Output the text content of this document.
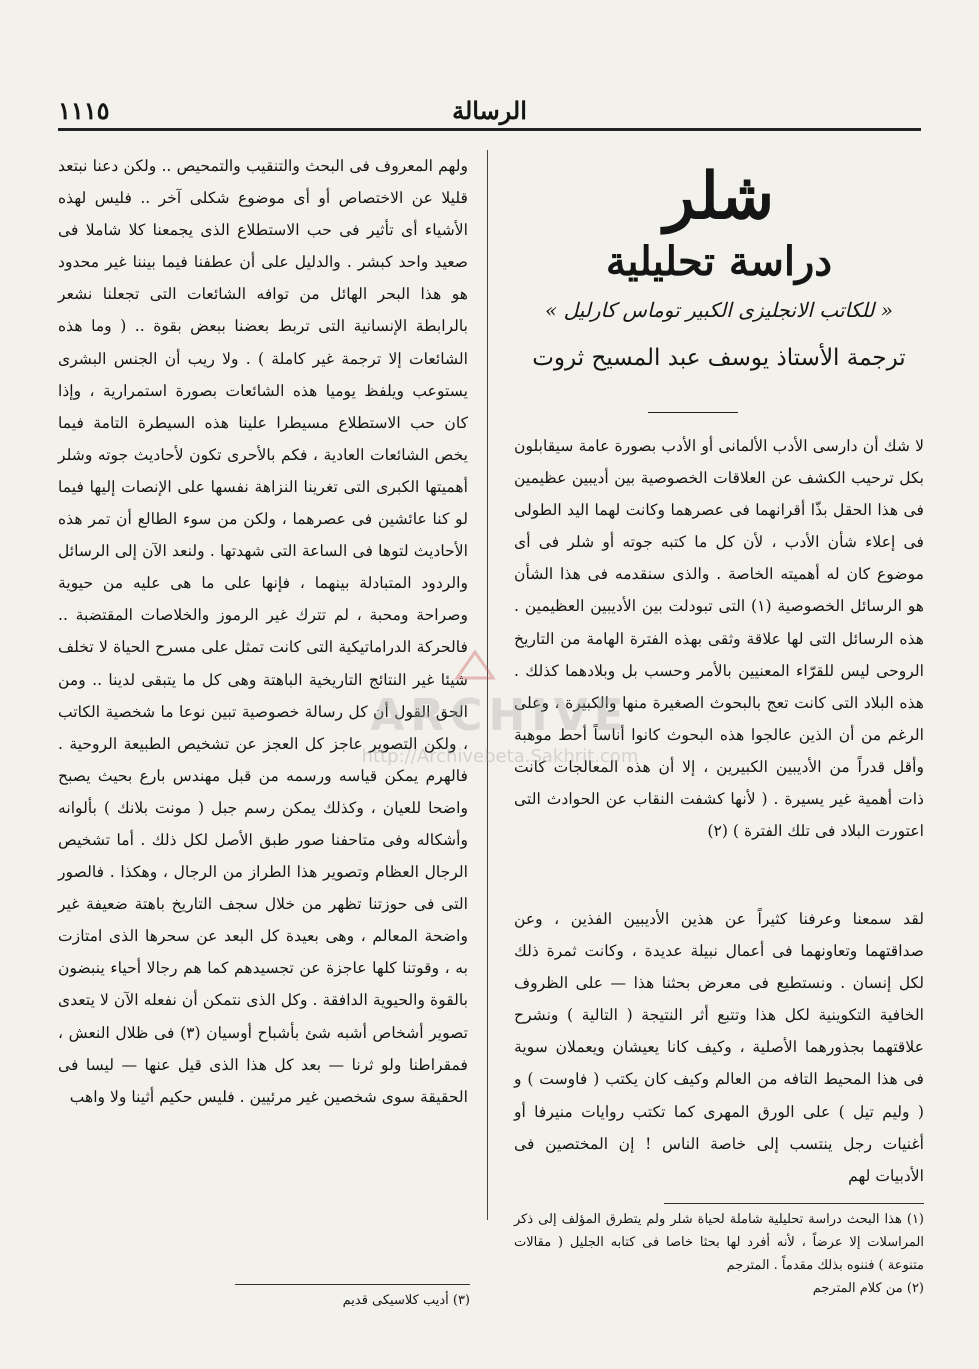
الرسالة
١١١٥
شلر
دراسة تحليلية
« للكاتب الانجليزى الكبير توماس كارليل »
ترجمة الأستاذ يوسف عبد المسيح ثروت

لا شك أن دارسى الأدب الألمانى أو الأدب بصورة عامة سيقابلون بكل ترحيب الكشف عن العلاقات الخصوصية بين أديبين عظيمين فى هذا الحقل بذّا أقرانهما فى عصرهما وكانت لهما اليد الطولى فى إعلاء شأن الأدب ، لأن كل ما كتبه جوته أو شلر فى أى موضوع كان له أهميته الخاصة . والذى سنقدمه فى هذا الشأن هو الرسائل الخصوصية (١) التى تبودلت بين الأديبين العظيمين . هذه الرسائل التى لها علاقة وثقى بهذه الفترة الهامة من التاريخ الروحى ليس للقرّاء المعنيين بالأمر وحسب بل وبلادهما كذلك . هذه البلاد التى كانت تعج بالبحوث الصغيرة منها والكبيرة ، وعلى الرغم من أن الذين عالجوا هذه البحوث كانوا أناساً أحط موهبة وأقل قدراً من الأديبين الكبيرين ، إلا أن هذه المعالجات كانت ذات أهمية غير يسيرة . ( لأنها كشفت النقاب عن الحوادث التى اعتورت البلاد فى تلك الفترة ) (٢)

لقد سمعنا وعرفنا كثيراً عن هذين الأديبين الفذين ، وعن صداقتهما وتعاونهما فى أعمال نبيلة عديدة ، وكانت ثمرة ذلك لكل إنسان . ونستطيع فى معرض بحثنا هذا — على الظروف الخافية التكوينية لكل هذا وتتبع أثر النتيجة ( التالية ) ونشرح علاقتهما بجذورهما الأصلية ، وكيف كانا يعيشان ويعملان سوية فى هذا المحيط التافه من العالم وكيف كان يكتب ( فاوست ) و ( وليم تيل ) على الورق المهرى كما تكتب روايات منيرفا أو أغنيات رجل ينتسب إلى خاصة الناس ! إن المختصين فى الأدبيات لهم

ولهم المعروف فى البحث والتنقيب والتمحيص .. ولكن دعنا نبتعد قليلا عن الاختصاص أو أى موضوع شكلى آخر .. فليس لهذه الأشياء أى تأثير فى حب الاستطلاع الذى يجمعنا كلا شاملا فى صعيد واحد كبشر . والدليل على أن عطفنا فيما بيننا غير محدود هو هذا البحر الهائل من توافه الشائعات التى تجعلنا نشعر بالرابطة الإنسانية التى تربط بعضنا ببعض بقوة .. ( وما هذه الشائعات إلا ترجمة غير كاملة ) . ولا ريب أن الجنس البشرى يستوعب ويلفظ يوميا هذه الشائعات بصورة استمرارية ، وإذا كان حب الاستطلاع مسيطرا علينا هذه السيطرة التامة فيما يخص الشائعات العادية ، فكم بالأحرى تكون لأحاديث جوته وشلر أهميتها الكبرى التى تغرينا النزاهة نفسها على الإنصات إليها فيما لو كنا عائشين فى عصرهما ، ولكن من سوء الطالع أن تمر هذه الأحاديث لتوها فى الساعة التى شهدتها . ولنعد الآن إلى الرسائل والردود المتبادلة بينهما ، فإنها على ما هى عليه من حيوية وصراحة ومحبة ، لم تترك غير الرموز والخلاصات المقتضبة .. فالحركة الدراماتيكية التى كانت تمثل على مسرح الحياة لا تخلف شيئا غير النتائج التاريخية الباهتة وهى كل ما يتبقى لدينا .. ومن الحق القول أن كل رسالة خصوصية تبين نوعا ما شخصية الكاتب ، ولكن التصوير عاجز كل العجز عن تشخيص الطبيعة الروحية . فالهرم يمكن قياسه ورسمه من قبل مهندس بارع بحيث يصبح واضحا للعيان ، وكذلك يمكن رسم جبل ( مونت بلانك ) بألوانه وأشكاله وفى متاحفنا صور طبق الأصل لكل ذلك . أما تشخيص الرجال العظام وتصوير هذا الطراز من الرجال ، وهكذا . فالصور التى فى حوزتنا تظهر من خلال سجف التاريخ باهتة ضعيفة غير واضحة المعالم ، وهى بعيدة كل البعد عن سحرها الذى امتازت به ، وقوتنا كلها عاجزة عن تجسيدهم كما هم رجالا أحياء ينبضون بالقوة والحيوية الدافقة . وكل الذى نتمكن أن نفعله الآن لا يتعدى تصوير أشخاص أشبه شئ بأشباح أوسيان (٣) فى ظلال النعش ، فمقراطنا ولو ثرنا — بعد كل هذا الذى قيل عنها — ليسا فى الحقيقة سوى شخصين غير مرئيين . فليس حكيم أثينا ولا واهب

(١) هذا البحث دراسة تحليلية شاملة لحياة شلر ولم يتطرق المؤلف إلى ذكر المراسلات إلا عرضاً ، لأنه أفرد لها بحثا خاصا فى كتابه الجليل ( مقالات متنوعة ) فننوه بذلك مقدماً . المترجم

(٢) من كلام المترجم

(٣) أديب كلاسيكى قديم
ARCHIVE
http://Archivebeta.Sakhrit.com
